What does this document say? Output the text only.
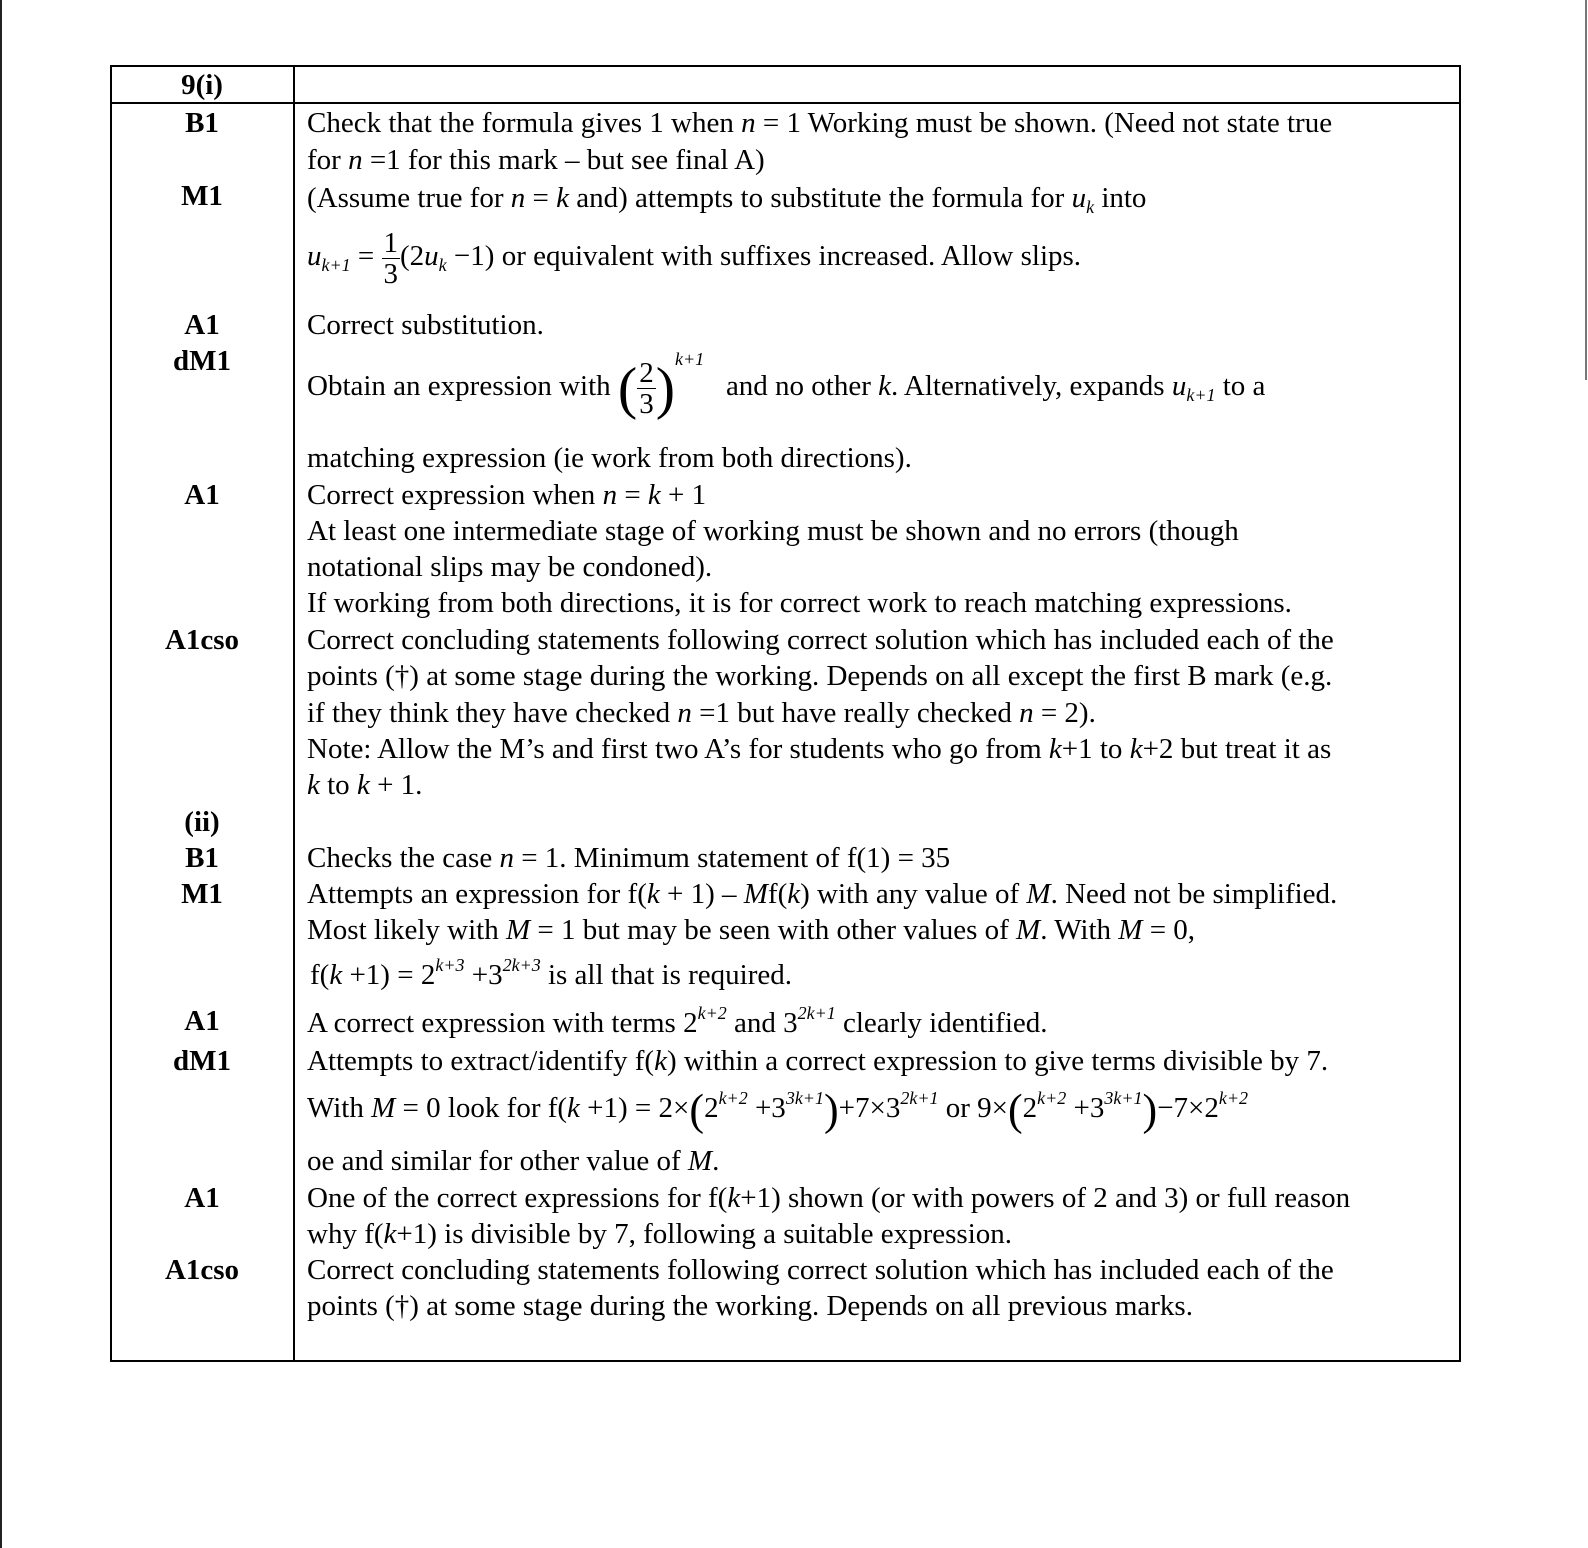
9(i)
B1
M1
A1
dM1
A1
A1cso
(ii)
B1
M1
A1
dM1
A1
A1cso
Check that the formula gives 1 when n = 1 Working must be shown. (Need not state true
for n =1 for this mark – but see final A)
(Assume true for n = k and) attempts to substitute the formula for $u_k$ into
$u_{k+1} = \frac{1}{3} (2u_k -1)$ or equivalent with suffixes increased. Allow slips.
Correct substitution.
Obtain an expression with ( $\frac{2}{3} )^{k+1}$   and no other k. Alternatively, expands $u_{k+1}$ to a
matching expression (ie work from both directions).
Correct expression when n = k + 1
At least one intermediate stage of working must be shown and no errors (though
notational slips may be condoned).
If working from both directions, it is for correct work to reach matching expressions.
Correct concluding statements following correct solution which has included each of the
points (†) at some stage during the working. Depends on all except the first B mark (e.g.
if they think they have checked n =1 but have really checked n = 2).
Note: Allow the M’s and first two A’s for students who go from k+1 to k+2 but treat it as
k to k + 1.
Checks the case n = 1. Minimum statement of f(1) = 35
Attempts an expression for f(k + 1) – Mf(k) with any value of M. Need not be simplified.
Most likely with M = 1 but may be seen with other values of M. With M = 0,
$f(k +1) = 2^{k+3} +3^{2k+3}$ is all that is required.
A correct expression with terms $2^{k+2}$ and $3^{2k+1}$ clearly identified.
Attempts to extract/identify f(k) within a correct expression to give terms divisible by 7.
With M = 0 look for $f(k +1) = 2\times(2^{k+2} +3^{3k+1})+7\times 3^{2k+1}$ or $9\times(2^{k+2} +3^{3k+1})-7\times 2^{k+2}$
oe and similar for other value of M.
One of the correct expressions for f(k+1) shown (or with powers of 2 and 3) or full reason
why f(k+1) is divisible by 7, following a suitable expression.
Correct concluding statements following correct solution which has included each of the
points (†) at some stage during the working. Depends on all previous marks.
